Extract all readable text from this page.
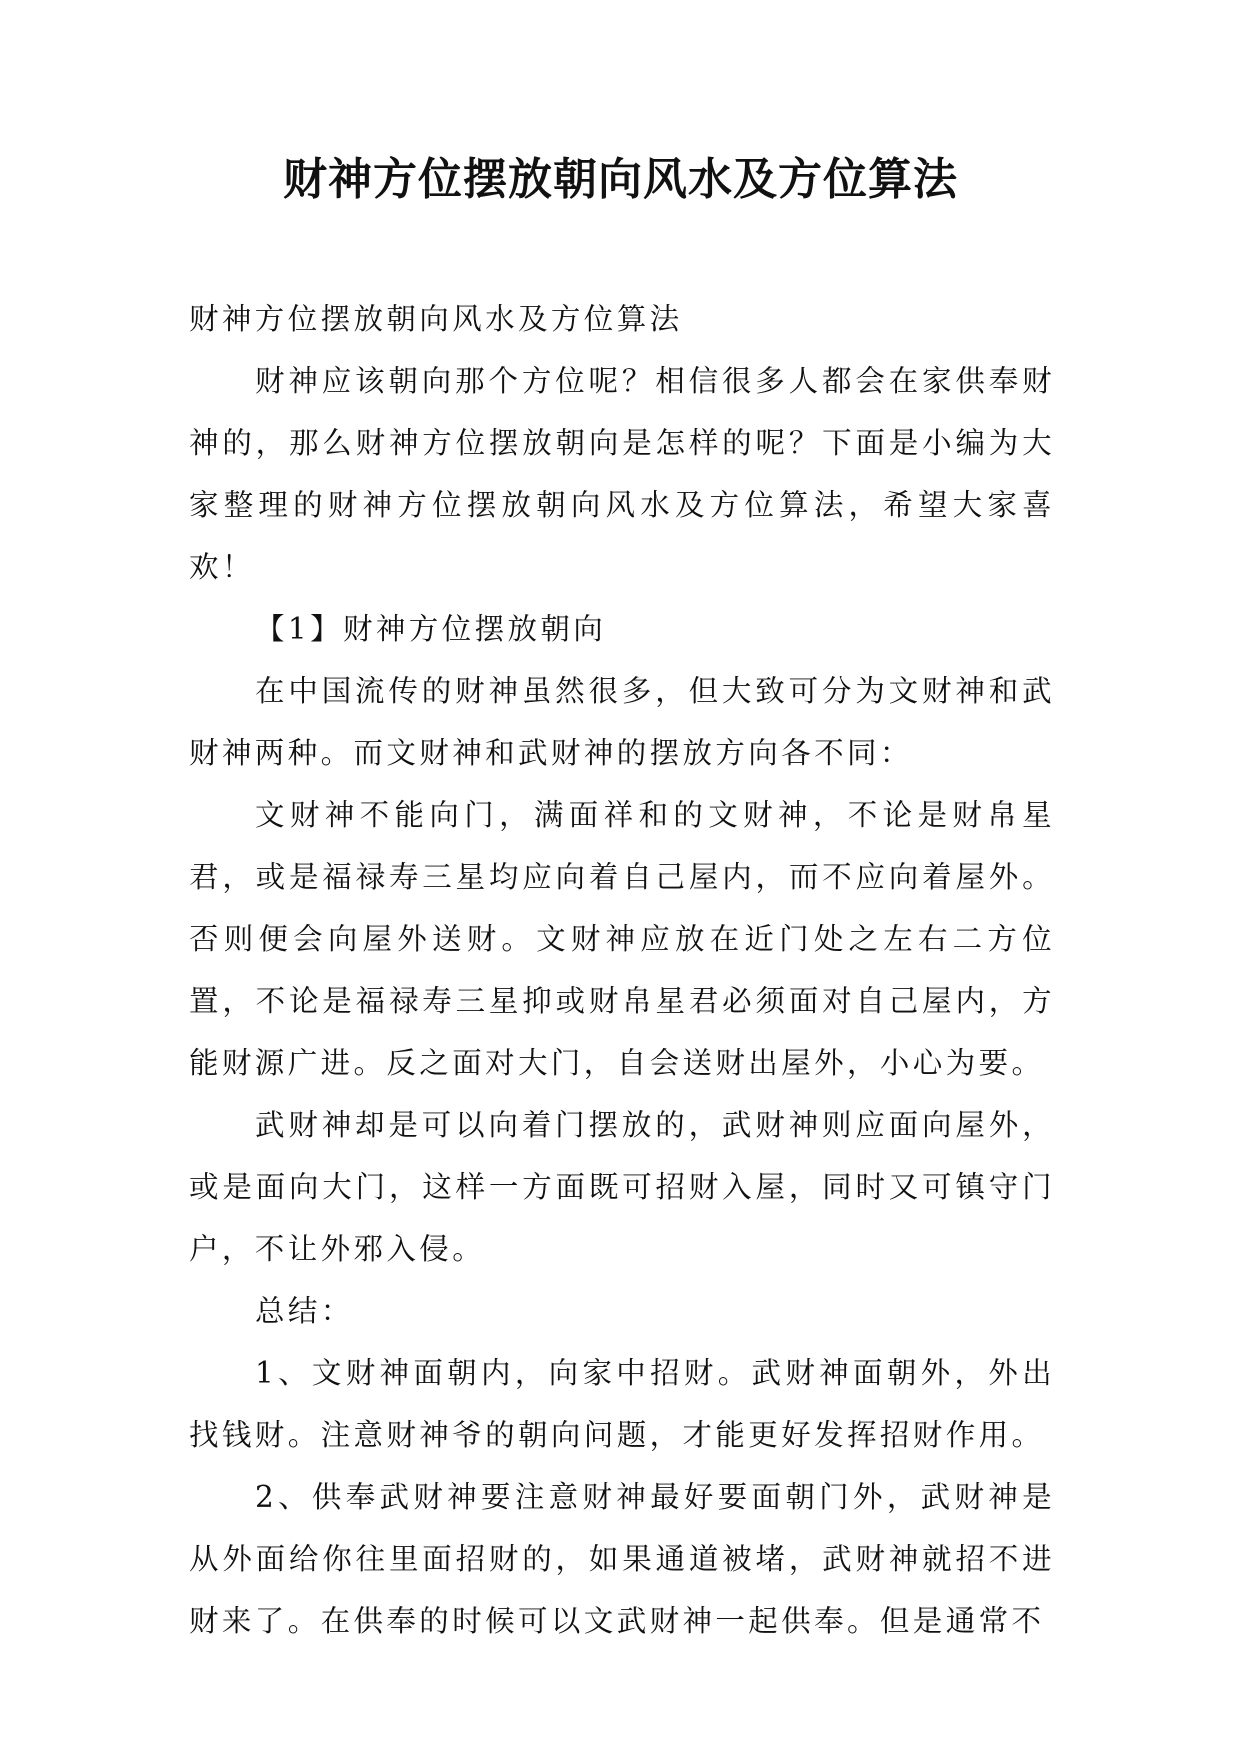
财神方位摆放朝向风水及方位算法

财神方位摆放朝向风水及方位算法

财神应该朝向那个方位呢？相信很多人都会在家供奉财神的，那么财神方位摆放朝向是怎样的呢？下面是小编为大家整理的财神方位摆放朝向风水及方位算法，希望大家喜欢！

【1】财神方位摆放朝向

在中国流传的财神虽然很多，但大致可分为文财神和武财神两种。而文财神和武财神的摆放方向各不同：

文财神不能向门，满面祥和的文财神，不论是财帛星君，或是福禄寿三星均应向着自己屋内，而不应向着屋外。否则便会向屋外送财。文财神应放在近门处之左右二方位置，不论是福禄寿三星抑或财帛星君必须面对自己屋内，方能财源广进。反之面对大门，自会送财出屋外，小心为要。

武财神却是可以向着门摆放的，武财神则应面向屋外，或是面向大门，这样一方面既可招财入屋，同时又可镇守门户，不让外邪入侵。

总结：

1、文财神面朝内，向家中招财。武财神面朝外，外出找钱财。注意财神爷的朝向问题，才能更好发挥招财作用。

2、供奉武财神要注意财神最好要面朝门外，武财神是从外面给你往里面招财的，如果通道被堵，武财神就招不进财来了。在供奉的时候可以文武财神一起供奉。但是通常不
